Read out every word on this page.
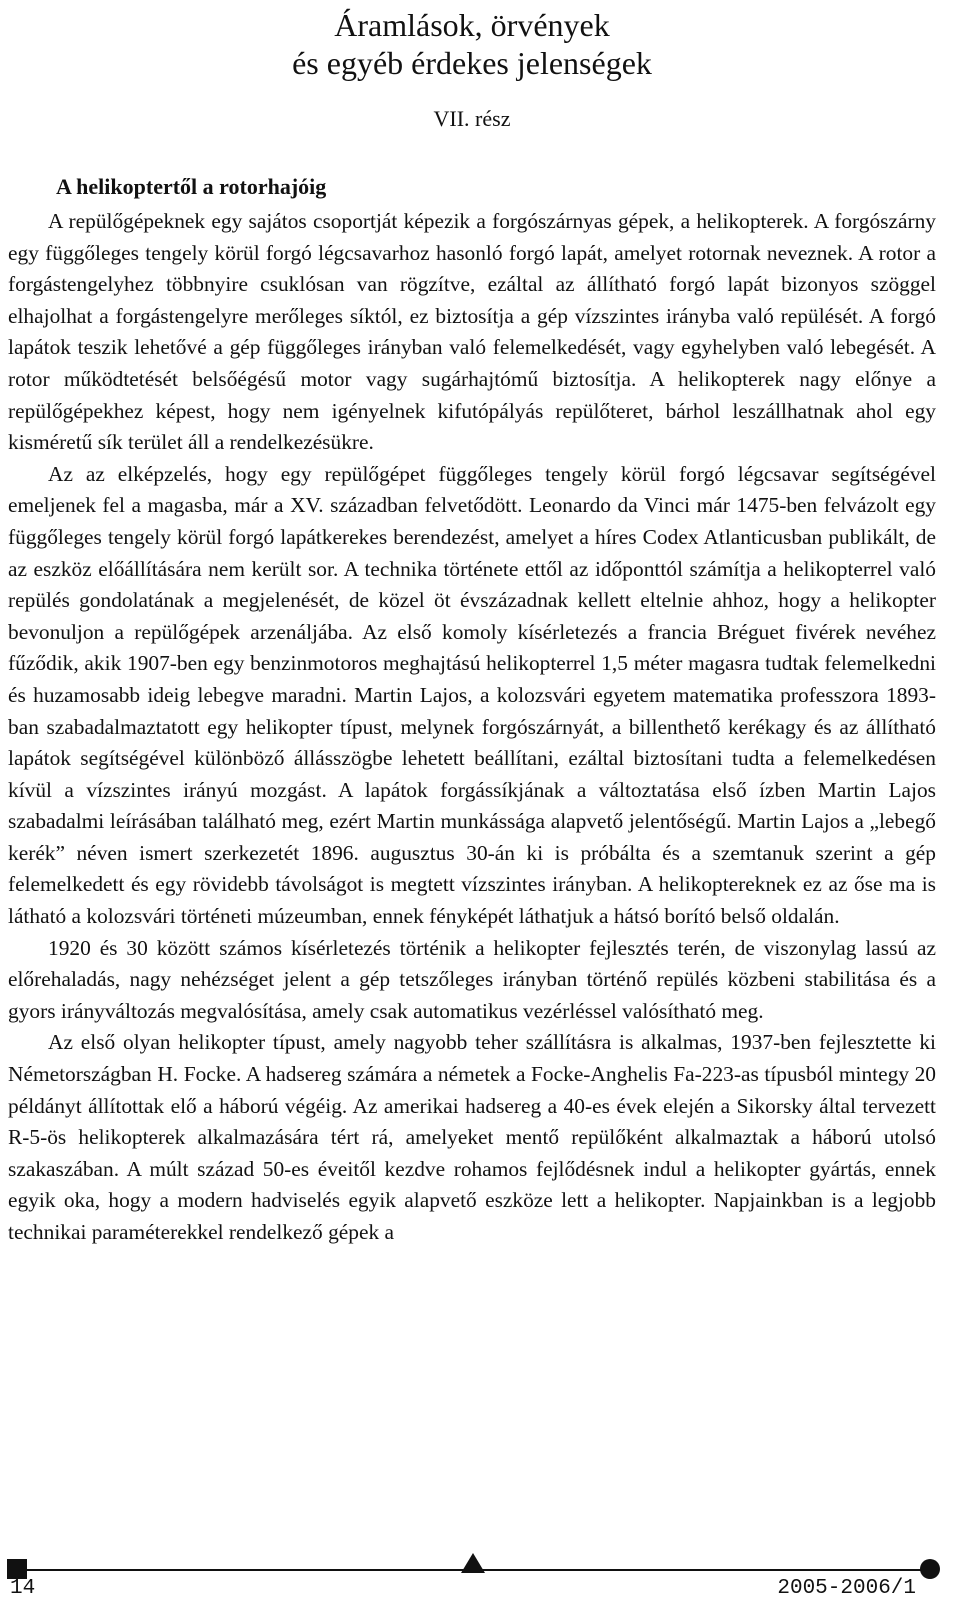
Áramlások, örvények
és egyéb érdekes jelenségek
VII. rész
A helikoptertől a rotorhajóig

A repülőgépeknek egy sajátos csoportját képezik a forgószárnyas gépek, a helikopterek. A forgószárny egy függőleges tengely körül forgó légcsavarhoz hasonló forgó lapát, amelyet rotornak neveznek. A rotor a forgástengelyhez többnyire csuklósan van rögzítve, ezáltal az állítható forgó lapát bizonyos szöggel elhajolhat a forgástengelyre merőleges síktól, ez biztosítja a gép vízszintes irányba való repülését. A forgó lapátok teszik lehetővé a gép függőleges irányban való felemelkedését, vagy egyhelyben való lebegését. A rotor működtetését belsőégésű motor vagy sugárhajtómű biztosítja. A helikopterek nagy előnye a repülőgépekhez képest, hogy nem igényelnek kifutópályás repülőteret, bárhol leszállhatnak ahol egy kisméretű sík terület áll a rendelkezésükre.

Az az elképzelés, hogy egy repülőgépet függőleges tengely körül forgó légcsavar segítségével emeljenek fel a magasba, már a XV. században felvetődött. Leonardo da Vinci már 1475-ben felvázolt egy függőleges tengely körül forgó lapátkerekes berendezést, amelyet a híres Codex Atlanticusban publikált, de az eszköz előállítására nem került sor. A technika története ettől az időponttól számítja a helikopterrel való repülés gondolatának a megjelenését, de közel öt évszázadnak kellett eltelnie ahhoz, hogy a helikopter bevonuljon a repülőgépek arzenáljába. Az első komoly kísérletezés a francia Bréguet fivérek nevéhez fűződik, akik 1907-ben egy benzinmotoros meghajtású helikopterrel 1,5 méter magasra tudtak felemelkedni és huzamosabb ideig lebegve maradni. Martin Lajos, a kolozsvári egyetem matematika professzora 1893-ban szabadalmaztatott egy helikopter típust, melynek forgószárnyát, a billenthető kerékagy és az állítható lapátok segítségével különböző állásszögbe lehetett beállítani, ezáltal biztosítani tudta a felemelkedésen kívül a vízszintes irányú mozgást. A lapátok forgássíkjának a változtatása első ízben Martin Lajos szabadalmi leírásában található meg, ezért Martin munkássága alapvető jelentőségű. Martin Lajos a „lebegő kerék” néven ismert szerkezetét 1896. augusztus 30-án ki is próbálta és a szemtanuk szerint a gép felemelkedett és egy rövidebb távolságot is megtett vízszintes irányban. A helikoptereknek ez az őse ma is látható a kolozsvári történeti múzeumban, ennek fényképét láthatjuk a hátsó borító belső oldalán.

1920 és 30 között számos kísérletezés történik a helikopter fejlesztés terén, de viszonylag lassú az előrehaladás, nagy nehézséget jelent a gép tetszőleges irányban történő repülés közbeni stabilitása és a gyors irányváltozás megvalósítása, amely csak automatikus vezérléssel valósítható meg.

Az első olyan helikopter típust, amely nagyobb teher szállításra is alkalmas, 1937-ben fejlesztette ki Németországban H. Focke. A hadsereg számára a németek a Focke-Anghelis Fa-223-as típusból mintegy 20 példányt állítottak elő a háború végéig. Az amerikai hadsereg a 40-es évek elején a Sikorsky által tervezett R-5-ös helikopterek alkalmazására tért rá, amelyeket mentő repülőként alkalmaztak a háború utolsó szakaszában. A múlt század 50-es éveitől kezdve rohamos fejlődésnek indul a helikopter gyártás, ennek egyik oka, hogy a modern hadviselés egyik alapvető eszköze lett a helikopter. Napjainkban is a legjobb technikai paraméterekkel rendelkező gépek a

14	2005-2006/1
